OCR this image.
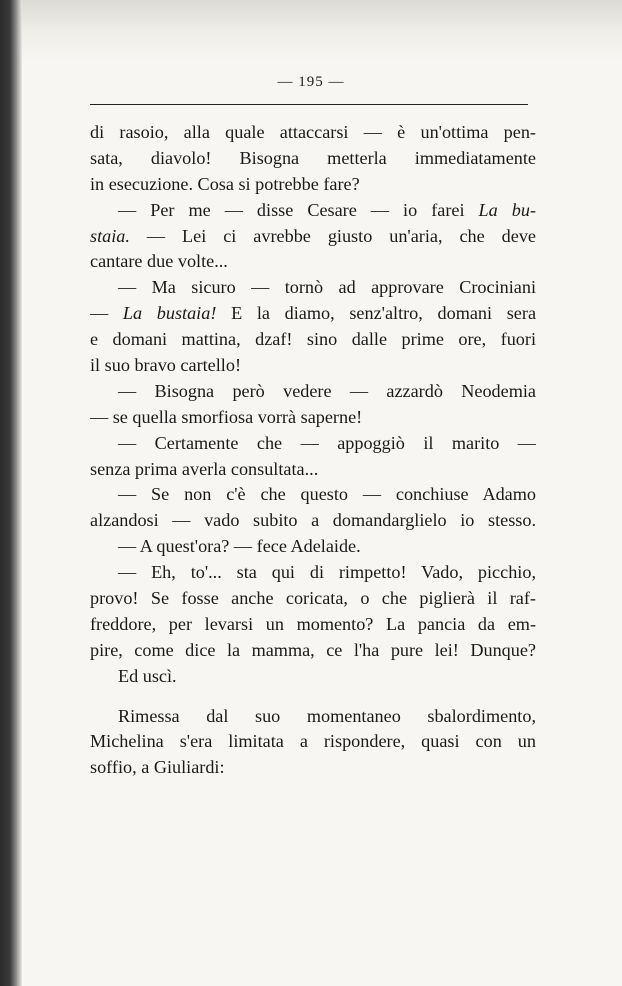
— 195 —
di rasoio, alla quale attaccarsi — è un'ottima pen-
sata, diavolo! Bisogna metterla immediatamente
in esecuzione. Cosa si potrebbe fare?
— Per me — disse Cesare — io farei La bu-
staia. — Lei ci avrebbe giusto un'aria, che deve
cantare due volte...
— Ma sicuro — tornò ad approvare Crociniani
— La bustaia! E la diamo, senz'altro, domani sera
e domani mattina, dzaf! sino dalle prime ore, fuori
il suo bravo cartello!
— Bisogna però vedere — azzardò Neodemia
— se quella smorfiosa vorrà saperne!
— Certamente che — appoggiò il marito —
senza prima averla consultata...
— Se non c'è che questo — conchiuse Adamo
alzandosi — vado subito a domandarglielo io stesso.
— A quest'ora? — fece Adelaide.
— Eh, to'... sta qui di rimpetto! Vado, picchio,
provo! Se fosse anche coricata, o che piglierà il raf-
freddore, per levarsi un momento? La pancia da em-
pire, come dice la mamma, ce l'ha pure lei! Dunque?
Ed uscì.
Rimessa dal suo momentaneo sbalordimento,
Michelina s'era limitata a rispondere, quasi con un
soffio, a Giuliardi:
